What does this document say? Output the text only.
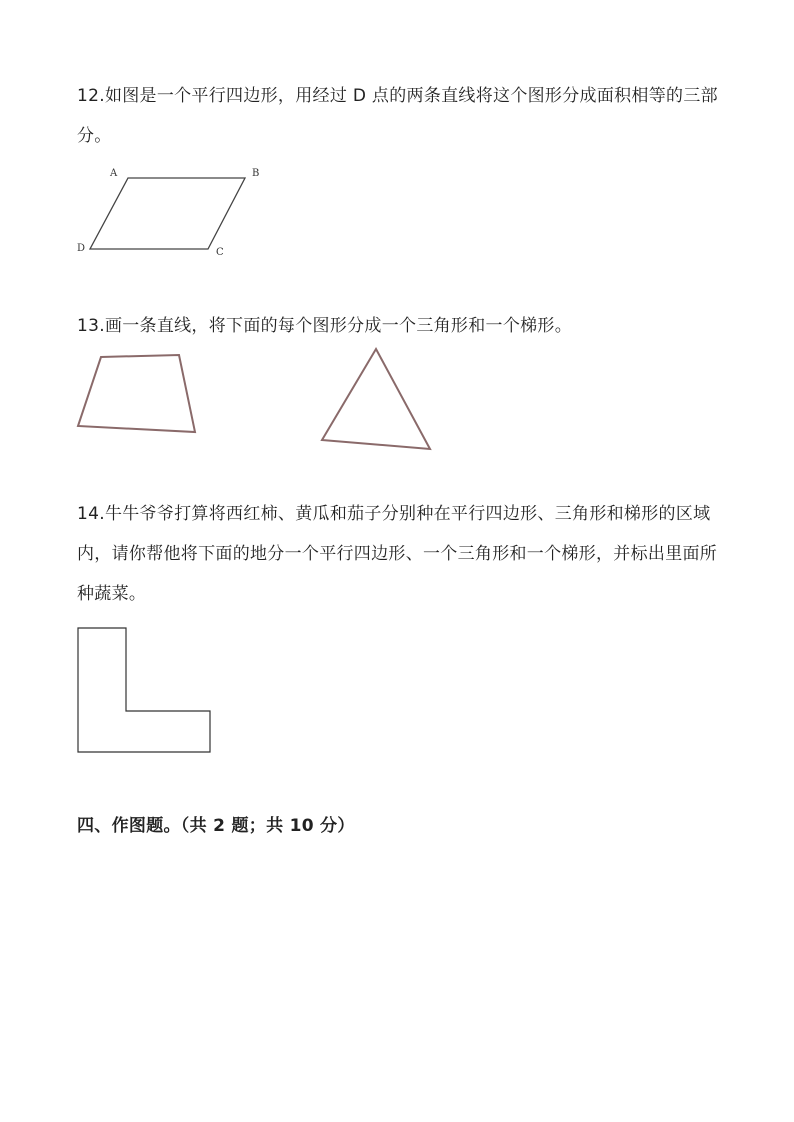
12.如图是一个平行四边形，用经过 D 点的两条直线将这个图形分成面积相等的三部分。
A	B
C
D
13.画一条直线，将下面的每个图形分成一个三角形和一个梯形。
14.牛牛爷爷打算将西红柿、黄瓜和茄子分别种在平行四边形、三角形和梯形的区域内，请你帮他将下面的地分一个平行四边形、一个三角形和一个梯形，并标出里面所种蔬菜。
四、作图题。（共 2 题；共 10 分）
